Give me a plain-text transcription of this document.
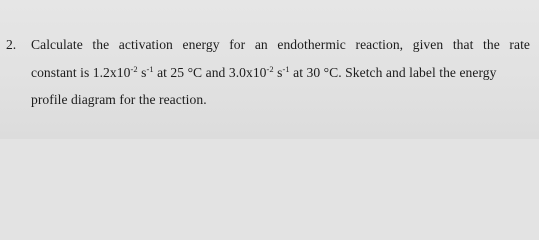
2. Calculate the activation energy for an endothermic reaction, given that the rate
constant is $1.2x10^{-2}$ $s^{-1}$ at 25 °C and $3.0x10^{-2}$ $s^{-1}$ at 30 °C. Sketch and label the energy
profile diagram for the reaction.
